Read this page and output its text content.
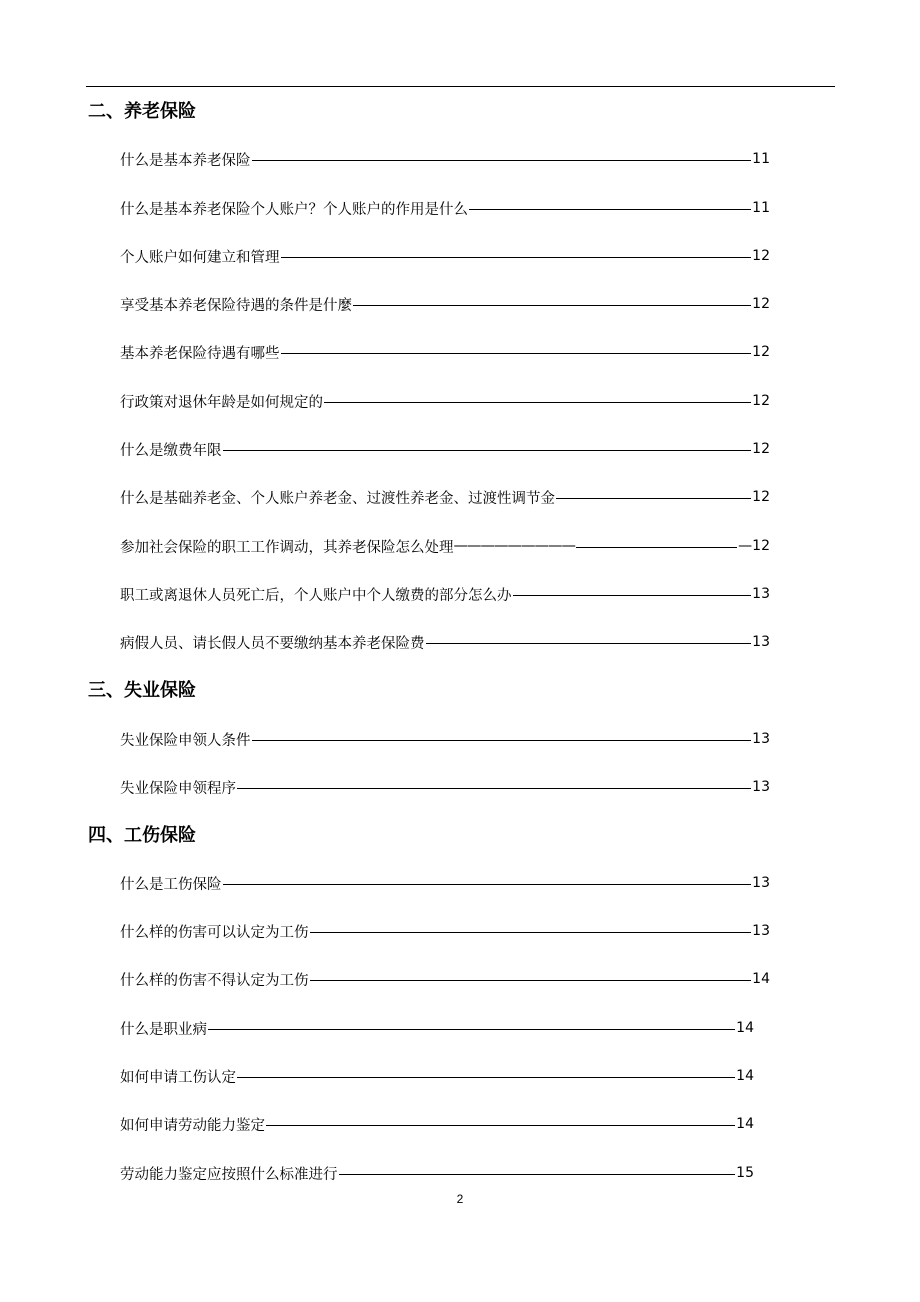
二、养老保险
什么是基本养老保险	11
什么是基本养老保险个人账户？个人账户的作用是什么	11
个人账户如何建立和管理	12
享受基本养老保险待遇的条件是什麼	12
基本养老保险待遇有哪些	12
行政策对退休年龄是如何规定的	12
什么是缴费年限	12
什么是基础养老金、个人账户养老金、过渡性养老金、过渡性调节金	12
参加社会保险的职工工作调动，其养老保险怎么处理 —————————	—12
职工或离退休人员死亡后，个人账户中个人缴费的部分怎么办	13
病假人员、请长假人员不要缴纳基本养老保险费	13
三、失业保险
失业保险申领人条件	13
失业保险申领程序	13
四、工伤保险
什么是工伤保险	13
什么样的伤害可以认定为工伤	13
什么样的伤害不得认定为工伤	14
什么是职业病	14
如何申请工伤认定	14
如何申请劳动能力鉴定	14
劳动能力鉴定应按照什么标准进行	15
2
